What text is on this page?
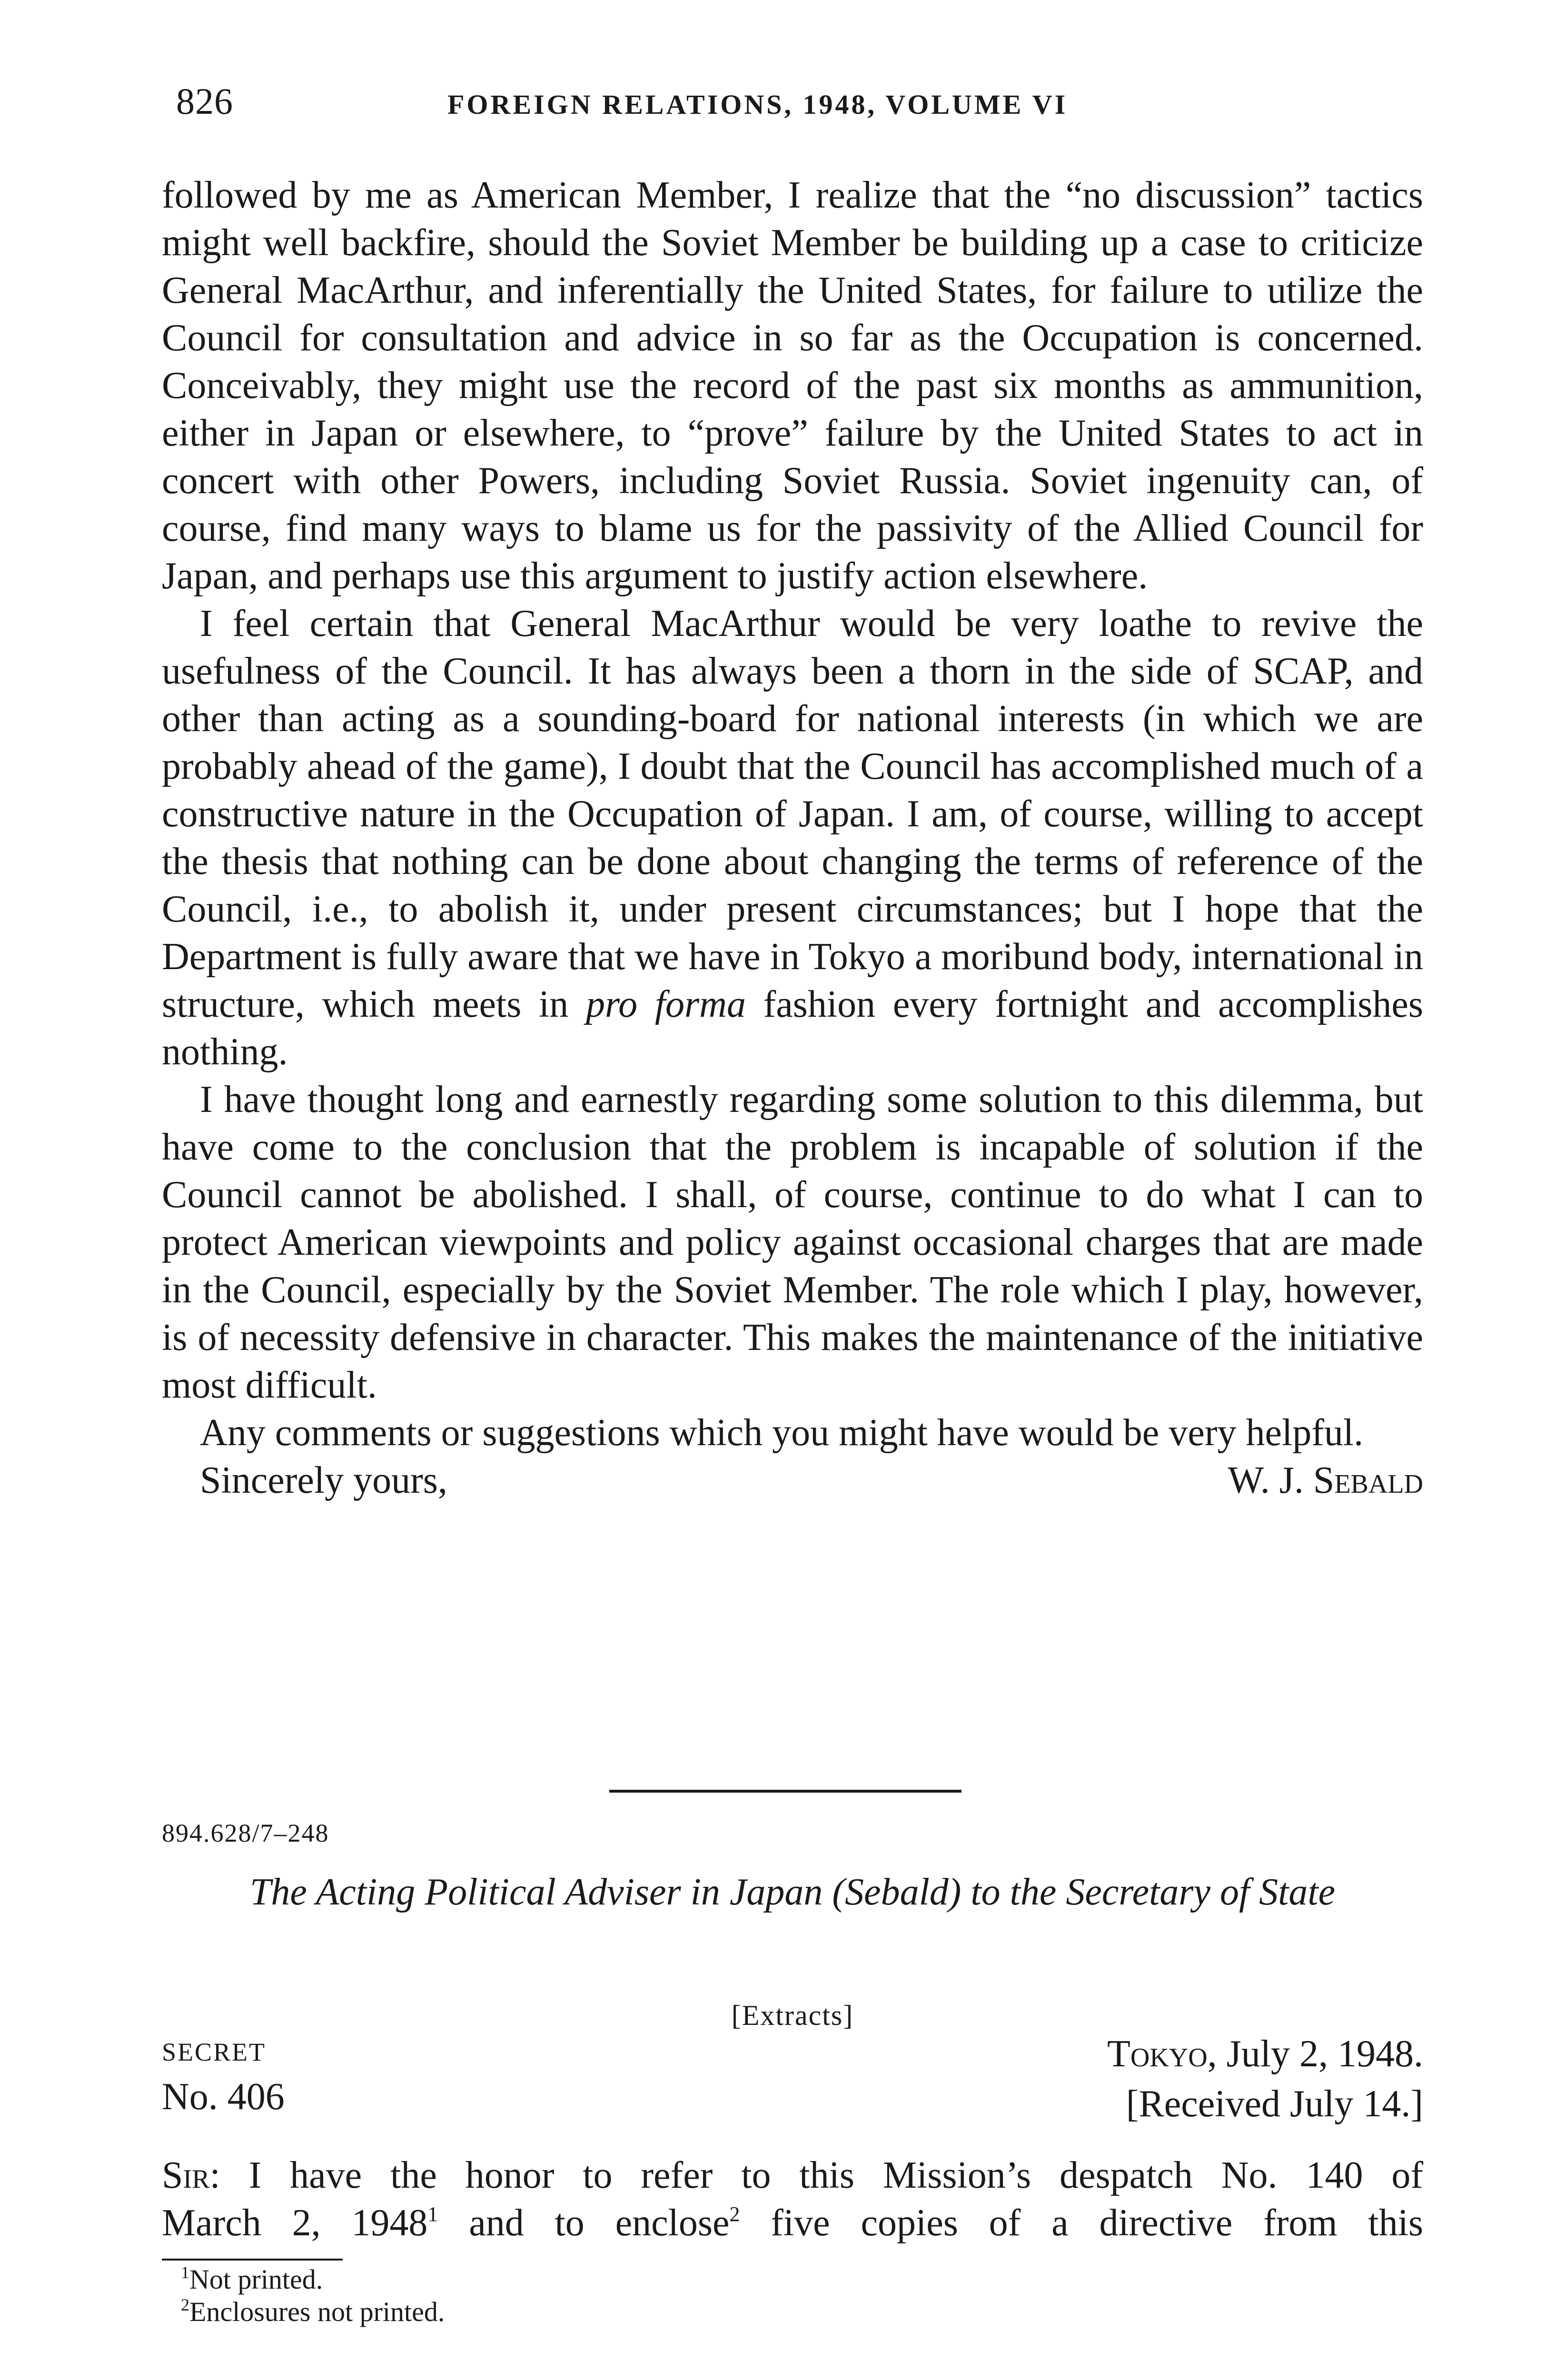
826	FOREIGN RELATIONS, 1948, VOLUME VI

followed by me as American Member, I realize that the “no discussion” tactics might well backfire, should the Soviet Member be building up a case to criticize General MacArthur, and inferentially the United States, for failure to utilize the Council for consultation and advice in so far as the Occupation is concerned. Conceivably, they might use the record of the past six months as ammunition, either in Japan or elsewhere, to “prove” failure by the United States to act in concert with other Powers, including Soviet Russia. Soviet ingenuity can, of course, find many ways to blame us for the passivity of the Allied Council for Japan, and perhaps use this argument to justify action elsewhere.

I feel certain that General MacArthur would be very loathe to revive the usefulness of the Council. It has always been a thorn in the side of SCAP, and other than acting as a sounding-board for national interests (in which we are probably ahead of the game), I doubt that the Council has accomplished much of a constructive nature in the Occupation of Japan. I am, of course, willing to accept the thesis that nothing can be done about changing the terms of reference of the Council, i.e., to abolish it, under present circumstances; but I hope that the Department is fully aware that we have in Tokyo a moribund body, international in structure, which meets in pro forma fashion every fortnight and accomplishes nothing.

I have thought long and earnestly regarding some solution to this dilemma, but have come to the conclusion that the problem is incapable of solution if the Council cannot be abolished. I shall, of course, continue to do what I can to protect American viewpoints and policy against occasional charges that are made in the Council, especially by the Soviet Member. The role which I play, however, is of necessity defensive in character. This makes the maintenance of the initiative most difficult.

Any comments or suggestions which you might have would be very helpful.

Sincerely yours,	W. J. Sebald
894.628/7–248
The Acting Political Adviser in Japan (Sebald) to the Secretary of State
[Extracts]
SECRET
No. 406
Tokyo, July 2, 1948.
[Received July 14.]
Sir: I have the honor to refer to this Mission’s despatch No. 140 of
March 2, 1948$^1$ and to enclose$^2$ five copies of a directive from this
$^1$Not printed.
$^2$Enclosures not printed.
